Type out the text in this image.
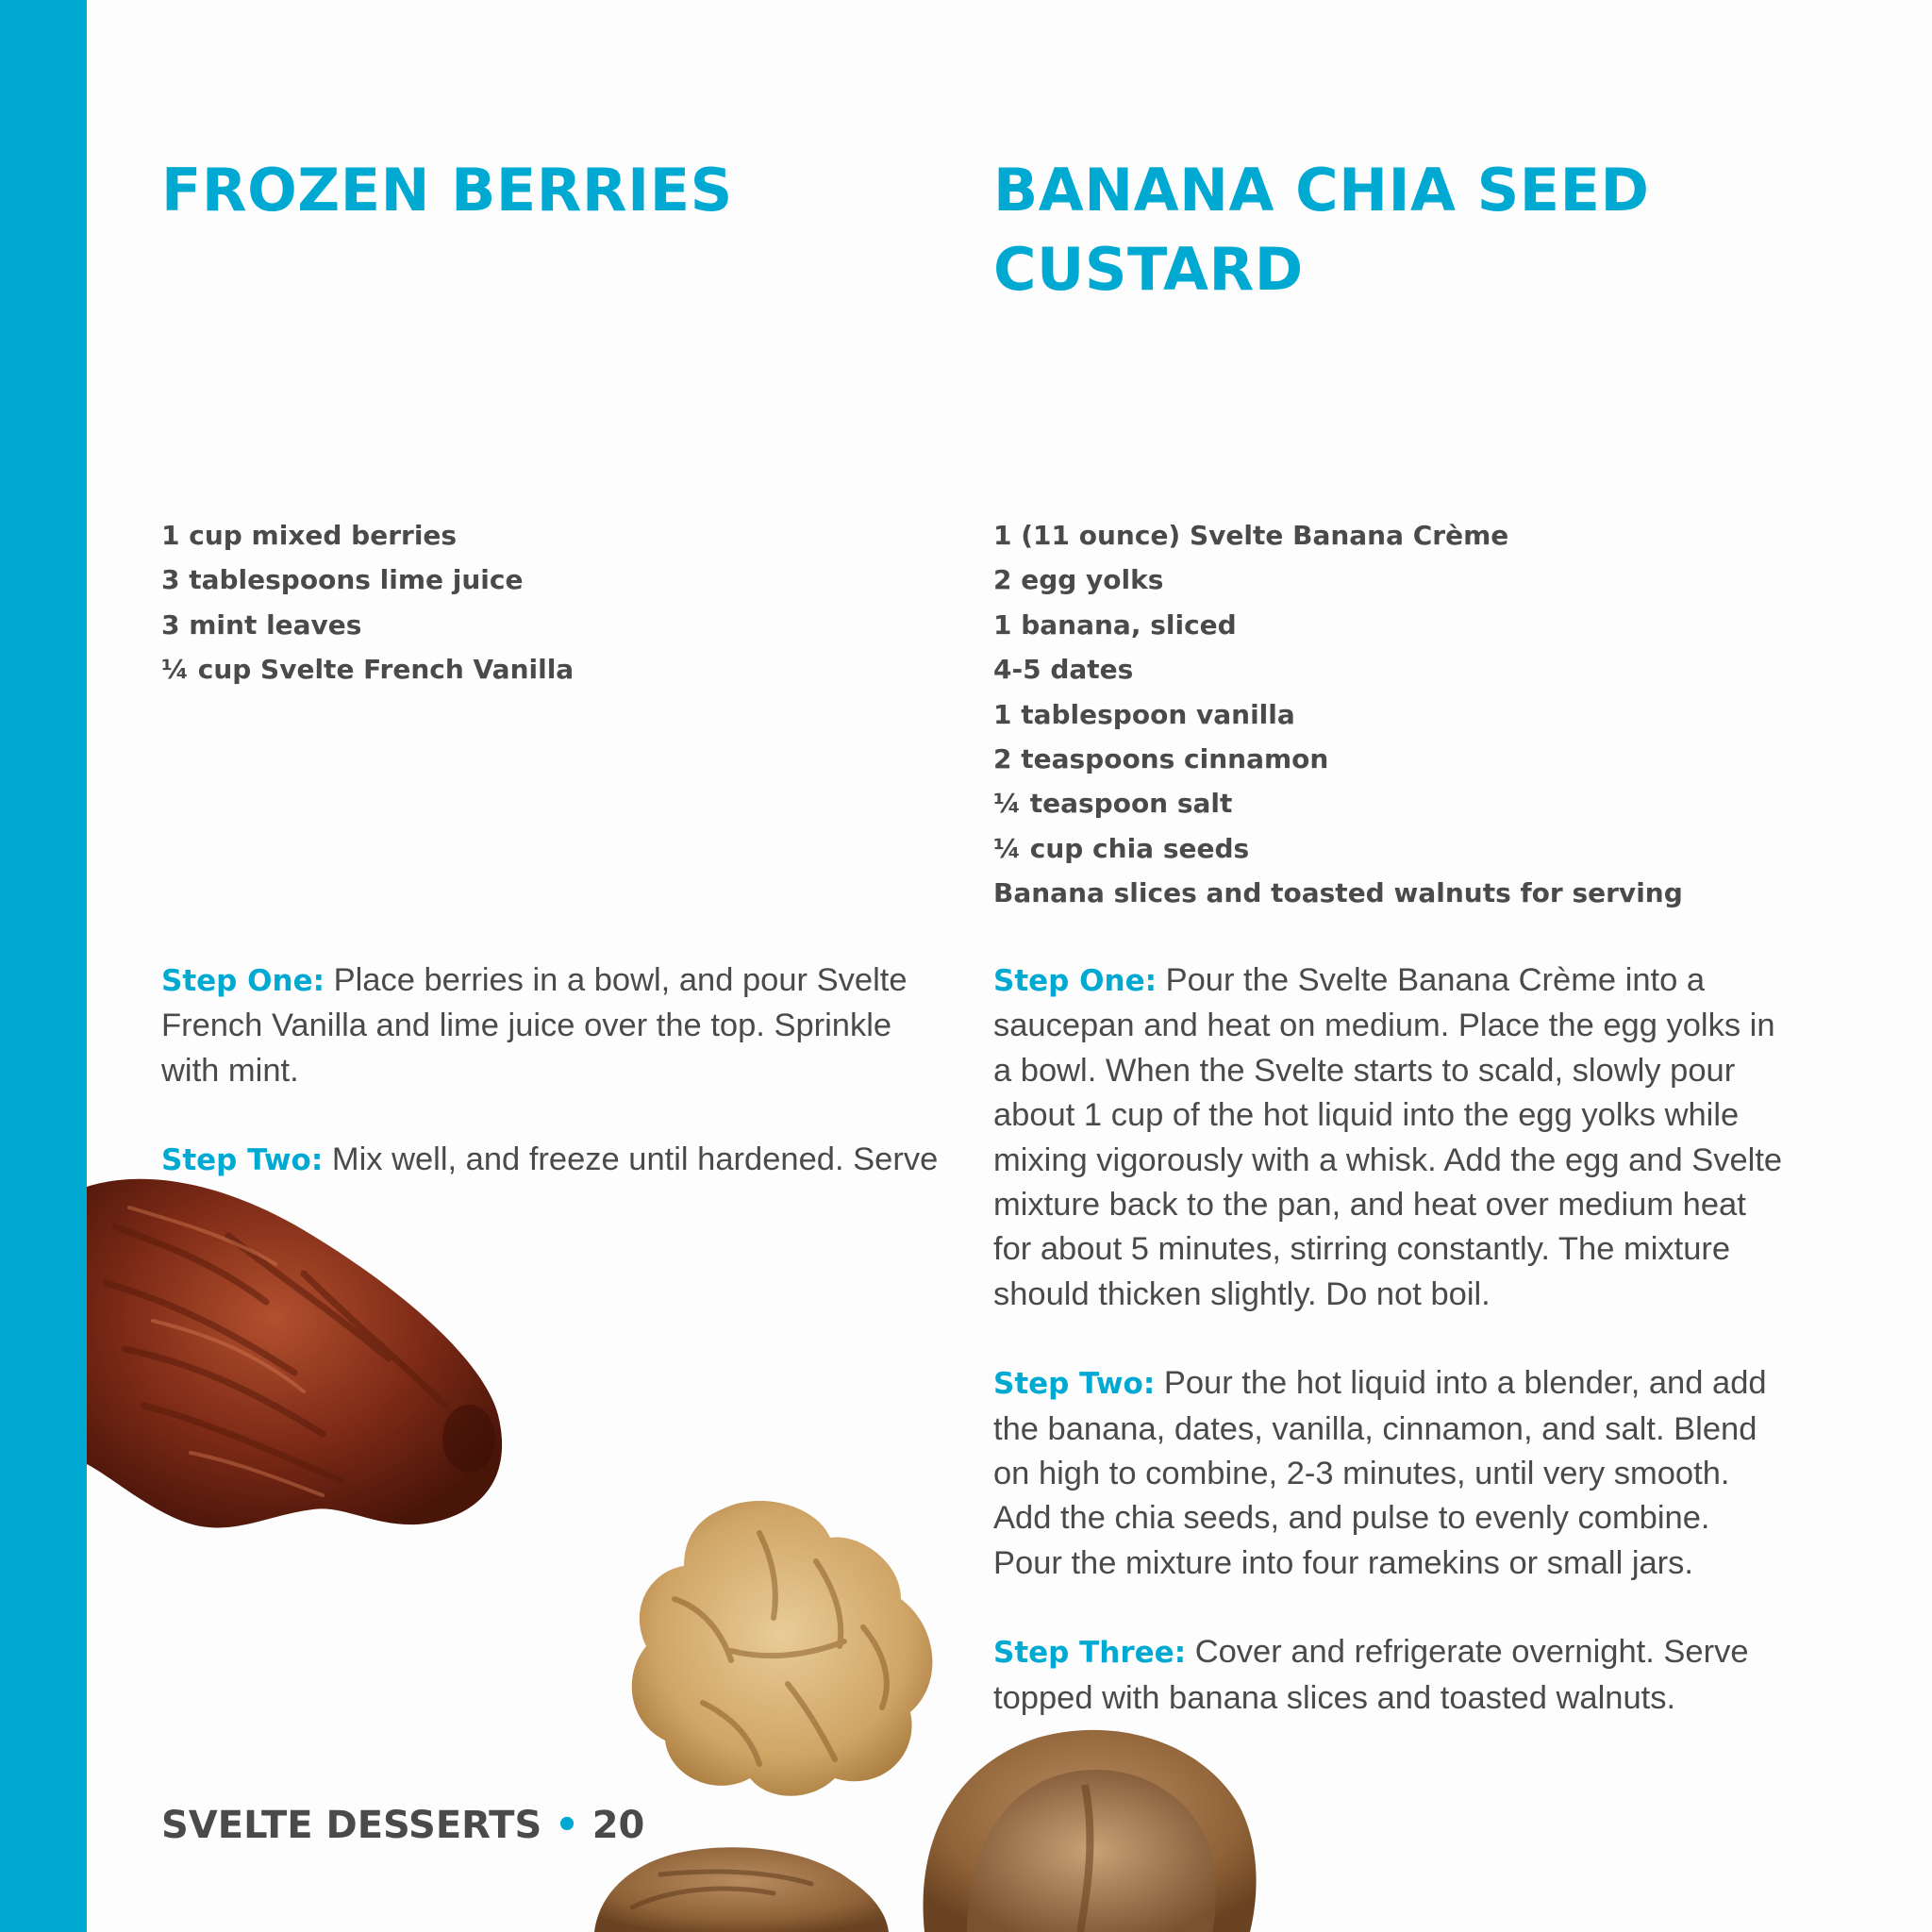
FROZEN BERRIES
1 cup mixed berries
3 tablespoons lime juice
3 mint leaves
¼ cup Svelte French Vanilla

Step One: Place berries in a bowl, and pour Svelte French Vanilla and lime juice over the top. Sprinkle with mint.

Step Two: Mix well, and freeze until hardened. Serve

BANANA CHIA SEED
CUSTARD
1 (11 ounce) Svelte Banana Crème
2 egg yolks
1 banana, sliced
4-5 dates
1 tablespoon vanilla
2 teaspoons cinnamon
¼ teaspoon salt
¼ cup chia seeds
Banana slices and toasted walnuts for serving

Step One: Pour the Svelte Banana Crème into a saucepan and heat on medium. Place the egg yolks in a bowl. When the Svelte starts to scald, slowly pour about 1 cup of the hot liquid into the egg yolks while mixing vigorously with a whisk. Add the egg and Svelte mixture back to the pan, and heat over medium heat for about 5 minutes, stirring constantly. The mixture should thicken slightly. Do not boil.

Step Two: Pour the hot liquid into a blender, and add the banana, dates, vanilla, cinnamon, and salt. Blend on high to combine, 2-3 minutes, until very smooth. Add the chia seeds, and pulse to evenly combine. Pour the mixture into four ramekins or small jars.

Step Three: Cover and refrigerate overnight. Serve topped with banana slices and toasted walnuts.

SVELTE DESSERTS • 20
